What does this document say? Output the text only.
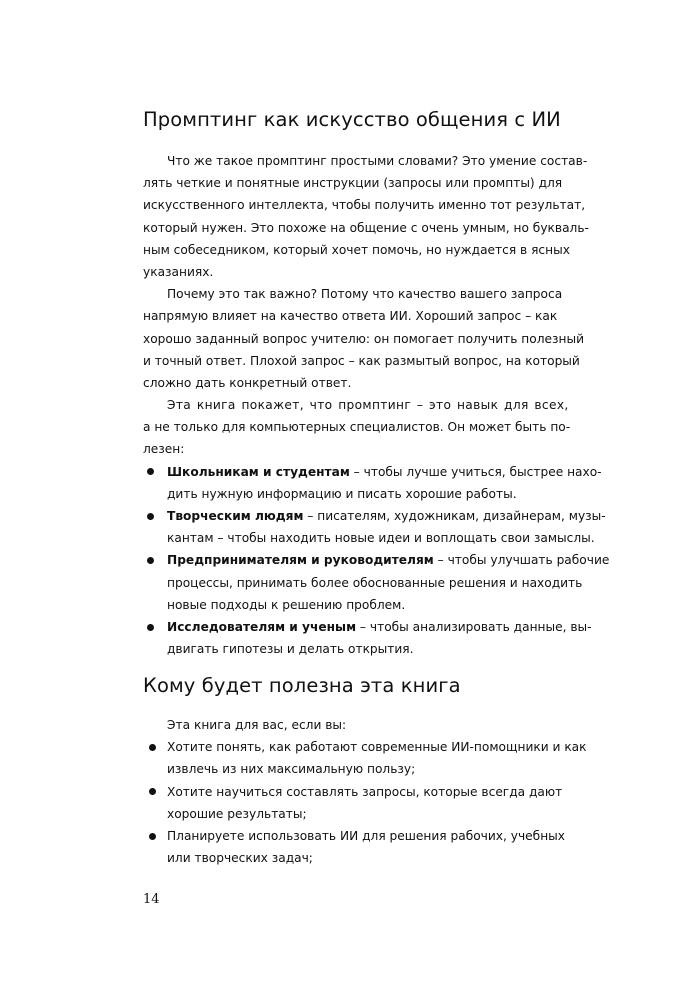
Промптинг как искусство общения с ИИ
Что же такое промптинг простыми словами? Это умение состав-
лять четкие и понятные инструкции (запросы или промпты) для
искусственного интеллекта, чтобы получить именно тот результат,
который нужен. Это похоже на общение с очень умным, но букваль-
ным собеседником, который хочет помочь, но нуждается в ясных
указаниях.
Почему это так важно? Потому что качество вашего запроса
напрямую влияет на качество ответа ИИ. Хороший запрос – как
хорошо заданный вопрос учителю: он помогает получить полезный
и точный ответ. Плохой запрос – как размытый вопрос, на который
сложно дать конкретный ответ.
Эта книга покажет, что промптинг – это навык для всех,
а не только для компьютерных специалистов. Он может быть по-
лезен:
Школьникам и студентам – чтобы лучше учиться, быстрее нахо-
дить нужную информацию и писать хорошие работы.
Творческим людям – писателям, художникам, дизайнерам, музы-
кантам – чтобы находить новые идеи и воплощать свои замыслы.
Предпринимателям и руководителям – чтобы улучшать рабочие
процессы, принимать более обоснованные решения и находить
новые подходы к решению проблем.
Исследователям и ученым – чтобы анализировать данные, вы-
двигать гипотезы и делать открытия.
Кому будет полезна эта книга
Эта книга для вас, если вы:
Хотите понять, как работают современные ИИ-помощники и как
извлечь из них максимальную пользу;
Хотите научиться составлять запросы, которые всегда дают
хорошие результаты;
Планируете использовать ИИ для решения рабочих, учебных
или творческих задач;
14
